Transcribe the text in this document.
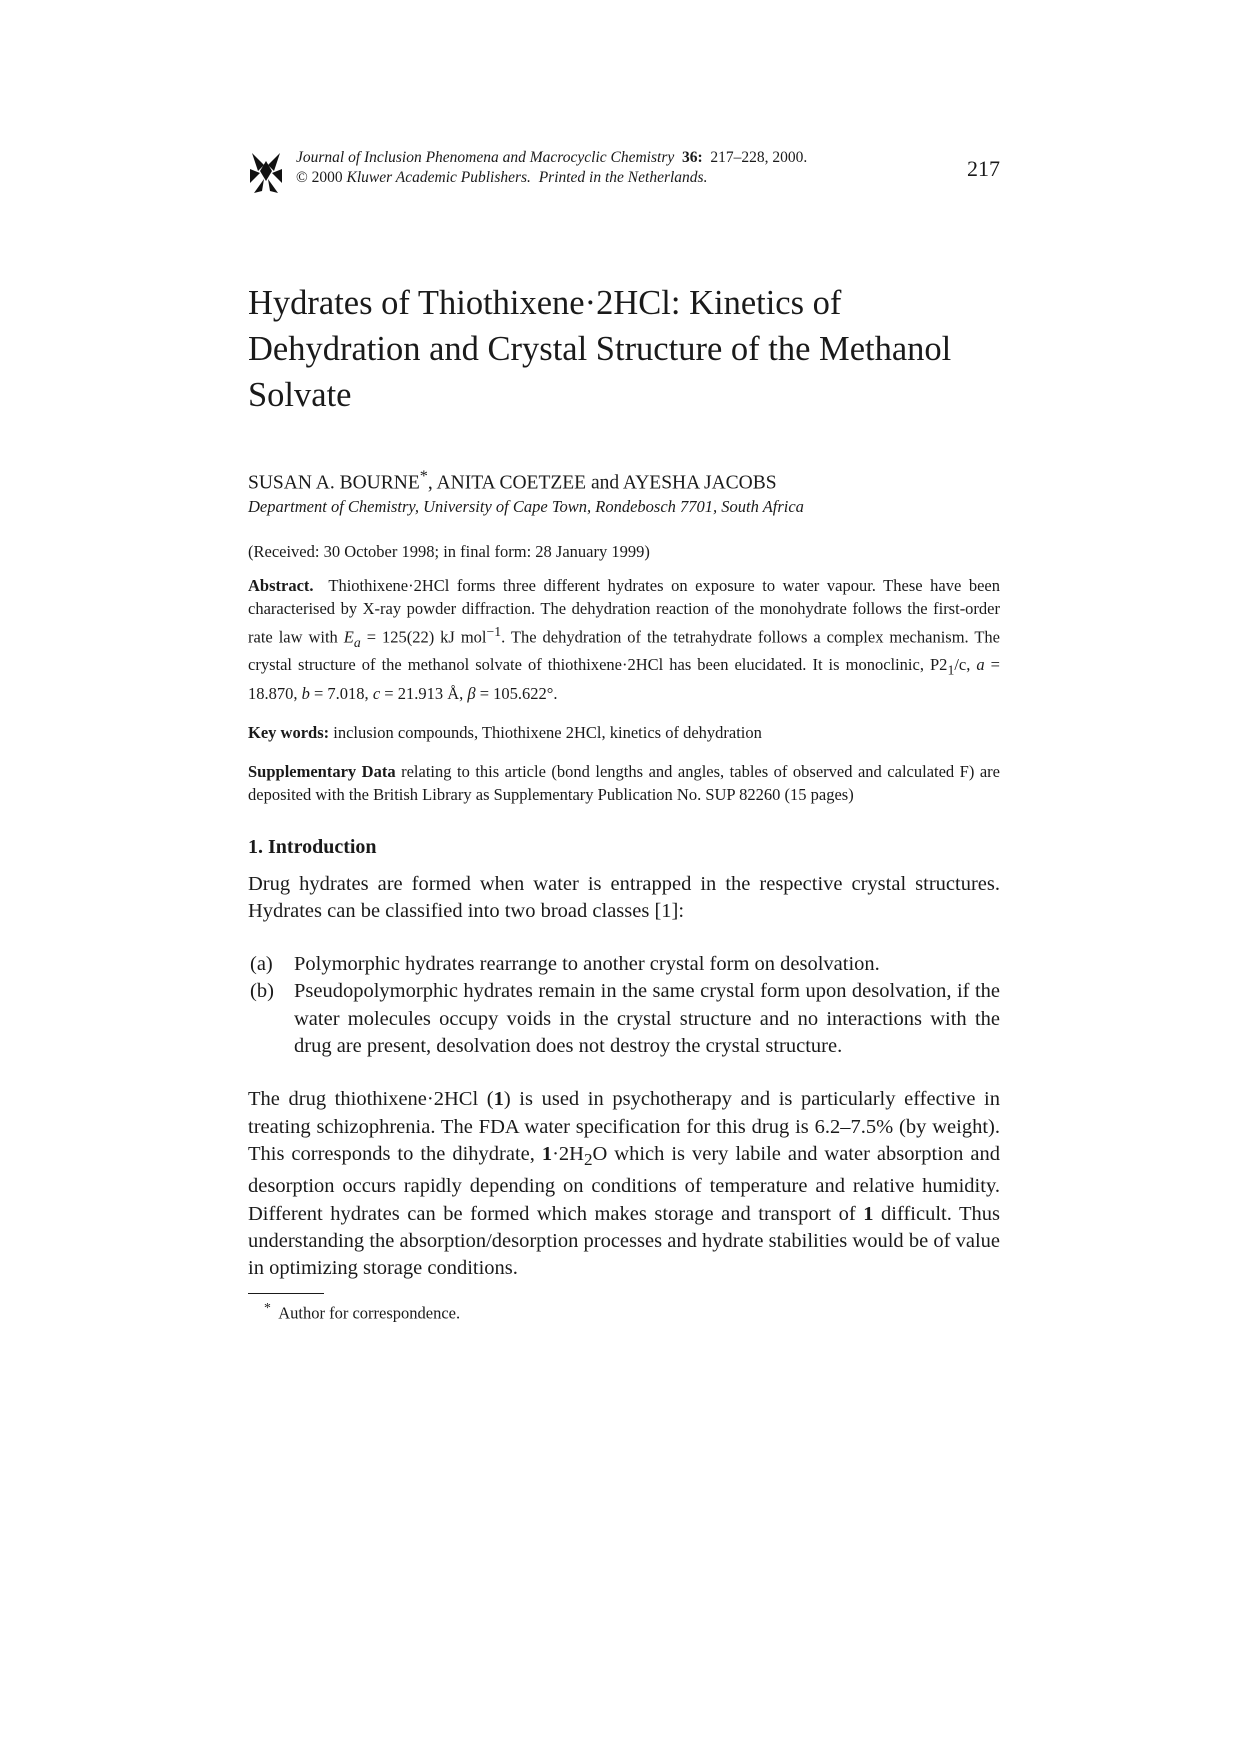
Journal of Inclusion Phenomena and Macrocyclic Chemistry 36: 217–228, 2000.
© 2000 Kluwer Academic Publishers. Printed in the Netherlands.	217
Hydrates of Thiothixene·2HCl: Kinetics of
Dehydration and Crystal Structure of the Methanol
Solvate
SUSAN A. BOURNE*, ANITA COETZEE and AYESHA JACOBS
Department of Chemistry, University of Cape Town, Rondebosch 7701, South Africa
(Received: 30 October 1998; in final form: 28 January 1999)
Abstract. Thiothixene·2HCl forms three different hydrates on exposure to water vapour. These have been characterised by X-ray powder diffraction. The dehydration reaction of the monohydrate follows the first-order rate law with $E_a = 125(22)$ kJ mol$^{-1}$. The dehydration of the tetrahydrate follows a complex mechanism. The crystal structure of the methanol solvate of thiothixene·2HCl has been elucidated. It is monoclinic, $P2_1/c$, a = 18.870, b = 7.018, c = 21.913 Å, β = 105.622°.
Key words: inclusion compounds, Thiothixene 2HCl, kinetics of dehydration
Supplementary Data relating to this article (bond lengths and angles, tables of observed and calculated F) are deposited with the British Library as Supplementary Publication No. SUP 82260 (15 pages)
1. Introduction
Drug hydrates are formed when water is entrapped in the respective crystal structures. Hydrates can be classified into two broad classes [1]:
(a)	Polymorphic hydrates rearrange to another crystal form on desolvation.
(b) Pseudopolymorphic hydrates remain in the same crystal form upon desolvation, if the water molecules occupy voids in the crystal structure and no interactions with the drug are present, desolvation does not destroy the crystal structure.
The drug thiothixene·2HCl (1) is used in psychotherapy and is particularly effective in treating schizophrenia. The FDA water specification for this drug is 6.2–7.5% (by weight). This corresponds to the dihydrate, $1\cdot 2H_2O$ which is very labile and water absorption and desorption occurs rapidly depending on conditions of temperature and relative humidity. Different hydrates can be formed which makes storage and transport of 1 difficult. Thus understanding the absorption/desorption processes and hydrate stabilities would be of value in optimizing storage conditions.
* Author for correspondence.
